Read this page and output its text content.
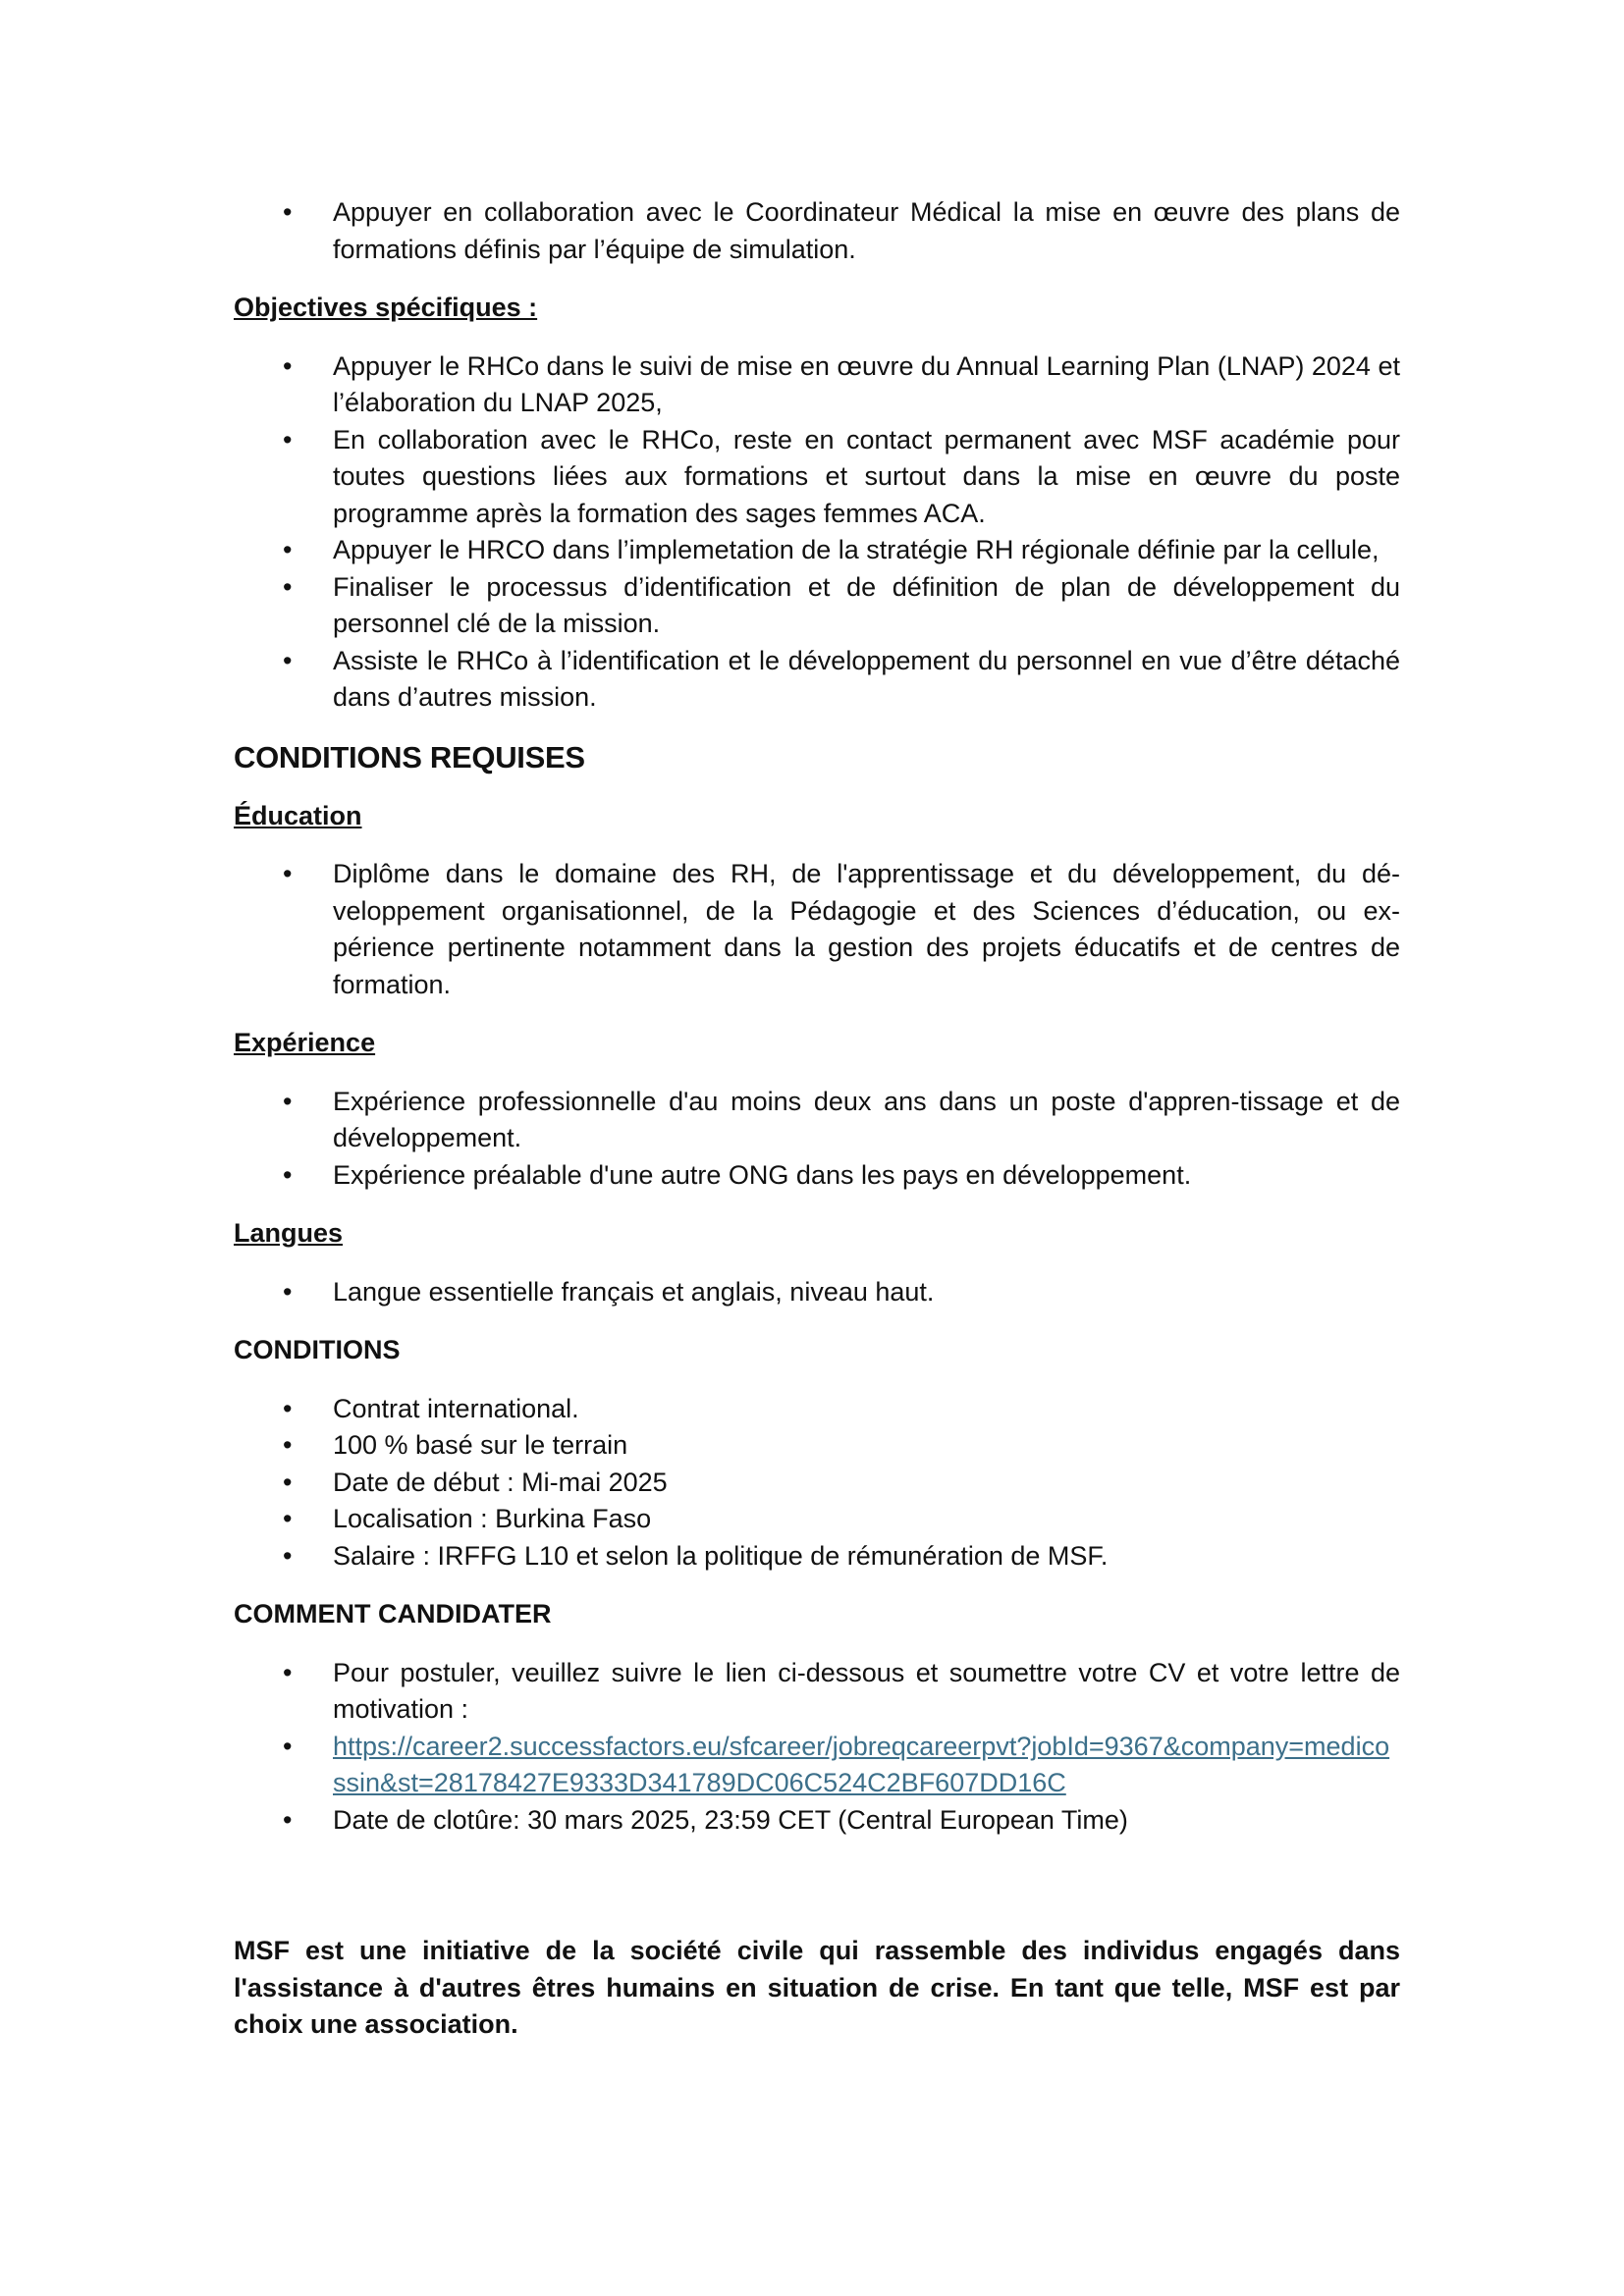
• Appuyer en collaboration avec le Coordinateur Médical la mise en œuvre des plans de formations définis par l’équipe de simulation.

Objectives spécifiques :

• Appuyer le RHCo dans le suivi de mise en œuvre du Annual Learning Plan (LNAP) 2024 et l’élaboration du LNAP 2025,
• En collaboration avec le RHCo, reste en contact permanent avec MSF académie pour toutes questions liées aux formations et surtout dans la mise en œuvre du poste programme après la formation des sages femmes ACA.
• Appuyer le HRCO dans l’implemetation de la stratégie RH régionale définie par la cellule,
• Finaliser le processus d’identification et de définition de plan de développement du personnel clé de la mission.
• Assiste le RHCo à l’identification et le développement du personnel en vue d’être détaché dans d’autres mission.

CONDITIONS REQUISES

Éducation

• Diplôme dans le domaine des RH, de l'apprentissage et du développement, du dé-veloppement organisationnel, de la Pédagogie et des Sciences d’éducation, ou ex-périence pertinente notamment dans la gestion des projets éducatifs et de centres de formation.

Expérience

• Expérience professionnelle d'au moins deux ans dans un poste d'appren-tissage et de développement.
• Expérience préalable d'une autre ONG dans les pays en développement.

Langues

• Langue essentielle français et anglais, niveau haut.

CONDITIONS

• Contrat international.
• 100 % basé sur le terrain
• Date de début : Mi-mai 2025
• Localisation : Burkina Faso
• Salaire : IRFFG L10 et selon la politique de rémunération de MSF.

COMMENT CANDIDATER

• Pour postuler, veuillez suivre le lien ci-dessous et soumettre votre CV et votre lettre de motivation :
• https://career2.successfactors.eu/sfcareer/jobreqcareerpvt?jobId=9367&company=medicossin&st=28178427E9333D341789DC06C524C2BF607DD16C
• Date de clotûre: 30 mars 2025, 23:59 CET (Central European Time)

MSF est une initiative de la société civile qui rassemble des individus engagés dans l'assistance à d'autres êtres humains en situation de crise. En tant que telle, MSF est par choix une association.
